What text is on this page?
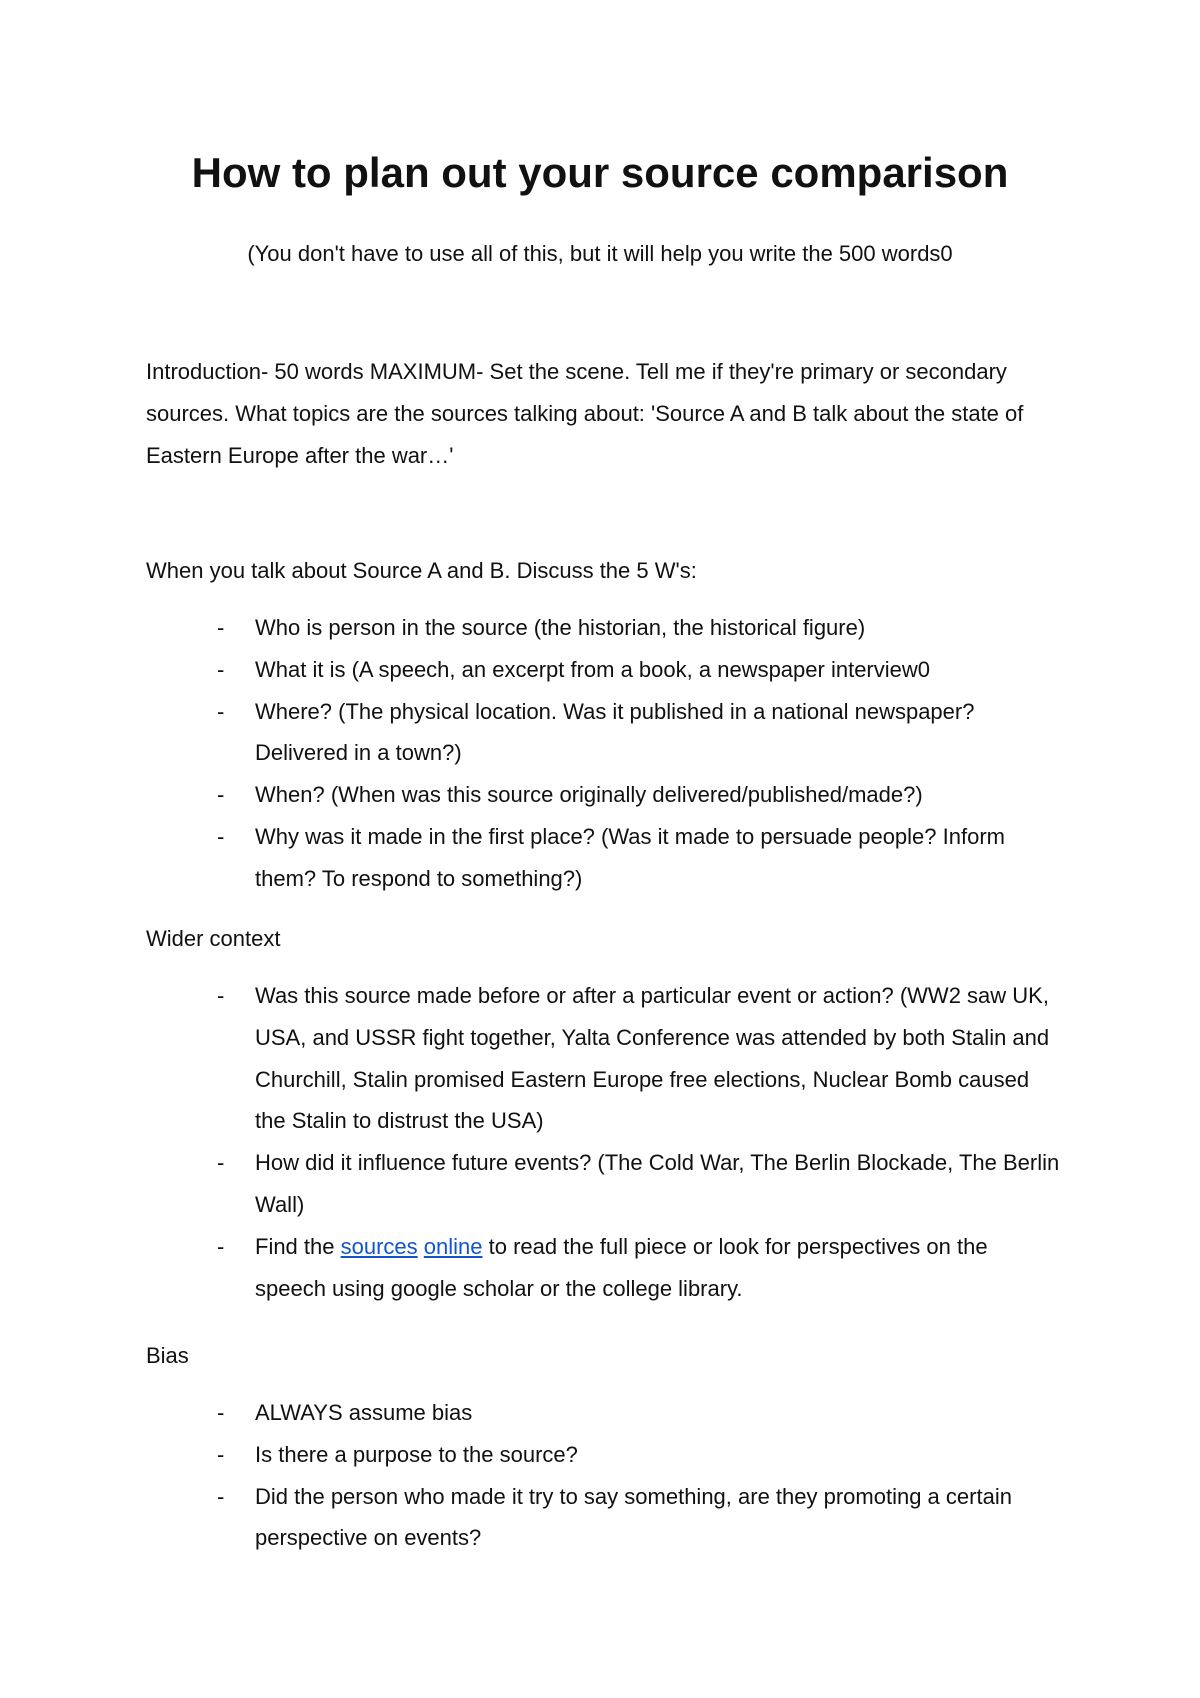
How to plan out your source comparison

(You don't have to use all of this, but it will help you write the 500 words0

Introduction- 50 words MAXIMUM- Set the scene. Tell me if they're primary or secondary sources. What topics are the sources talking about: 'Source A and B talk about the state of Eastern Europe after the war…'

When you talk about Source A and B. Discuss the 5 W's:

- Who is person in the source (the historian, the historical figure)
- What it is (A speech, an excerpt from a book, a newspaper interview0
- Where? (The physical location. Was it published in a national newspaper? Delivered in a town?)
- When? (When was this source originally delivered/published/made?)
- Why was it made in the first place? (Was it made to persuade people? Inform them? To respond to something?)

Wider context

- Was this source made before or after a particular event or action? (WW2 saw UK, USA, and USSR fight together, Yalta Conference was attended by both Stalin and Churchill, Stalin promised Eastern Europe free elections, Nuclear Bomb caused the Stalin to distrust the USA)
- How did it influence future events? (The Cold War, The Berlin Blockade, The Berlin Wall)
- Find the sources online to read the full piece or look for perspectives on the speech using google scholar or the college library.

Bias

- ALWAYS assume bias
- Is there a purpose to the source?
- Did the person who made it try to say something, are they promoting a certain perspective on events?
